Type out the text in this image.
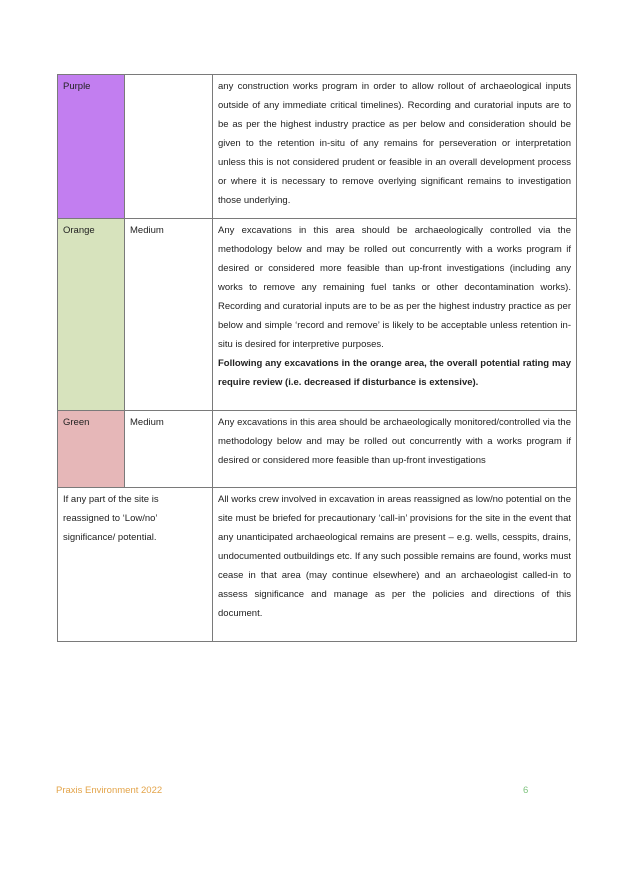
Purple		any construction works program in order to allow rollout of archaeological inputs outside of any immediate critical timelines). Recording and curatorial inputs are to be as per the highest industry practice as per below and consideration should be given to the retention in-situ of any remains for perseveration or interpretation unless this is not considered prudent or feasible in an overall development process or where it is necessary to remove overlying significant remains to investigation those underlying.
Orange	Medium	Any excavations in this area should be archaeologically controlled via the methodology below and may be rolled out concurrently with a works program if desired or considered more feasible than up-front investigations (including any works to remove any remaining fuel tanks or other decontamination works). Recording and curatorial inputs are to be as per the highest industry practice as per below and simple ‘record and remove’ is likely to be acceptable unless retention in-situ is desired for interpretive purposes.
Following any excavations in the orange area, the overall potential rating may require review (i.e. decreased if disturbance is extensive).

Green	Medium	Any excavations in this area should be archaeologically monitored/controlled via the methodology below and may be rolled out concurrently with a works program if desired or considered more feasible than up-front investigations
If any part of the site is reassigned to ‘Low/no’ significance/ potential.		All works crew involved in excavation in areas reassigned as low/no potential on the site must be briefed for precautionary ‘call-in’ provisions for the site in the event that any unanticipated archaeological remains are present – e.g. wells, cesspits, drains, undocumented outbuildings etc. If any such possible remains are found, works must cease in that area (may continue elsewhere) and an archaeologist called-in to assess significance and manage as per the policies and directions of this document.
Praxis Environment 2022	6
